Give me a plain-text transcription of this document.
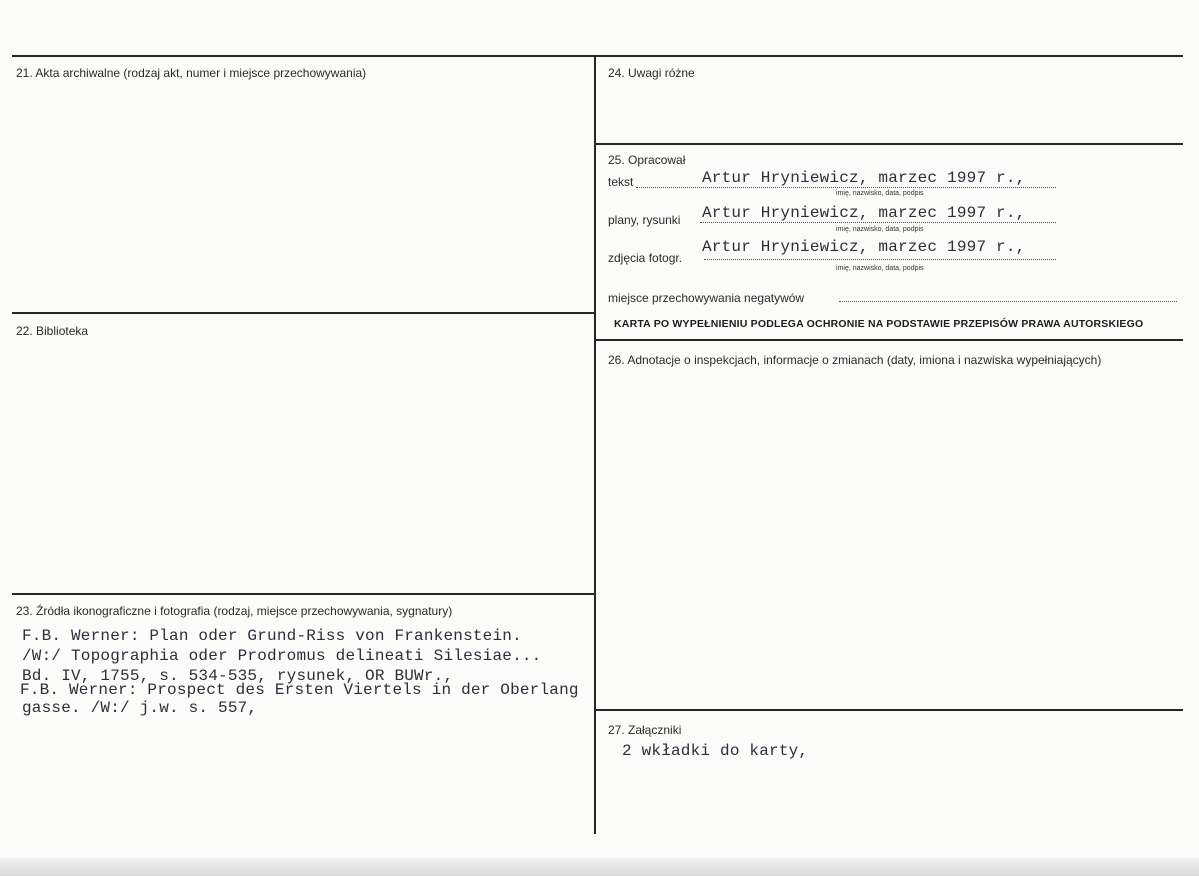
21. Akta archiwalne (rodzaj akt, numer i miejsce przechowywania)
22. Biblioteka
23. Źródła ikonograficzne i fotografia (rodzaj, miejsce przechowywania, sygnatury)
F.B. Werner: Plan oder Grund-Riss von Frankenstein.
/W:/ Topographia oder Prodromus delineati Silesiae...
Bd. IV, 1755, s. 534-535, rysunek, OR BUWr.,
F.B. Werner: Prospect des Ersten Viertels in der Oberlang
gasse. /W:/ j.w. s. 557,
24. Uwagi różne
25. Opracował
tekst	Artur Hryniewicz, marzec 1997 r.,
imię, nazwisko, data, podpis
plany, rysunki Artur Hryniewicz, marzec 1997 r.,
imię, nazwisko, data, podpis
zdjęcia fotogr.
Artur Hryniewicz, marzec 1997 r.,
imię, nazwisko, data, podpis
miejsce przechowywania negatywów
KARTA PO WYPEŁNIENIU PODLEGA OCHRONIE NA PODSTAWIE PRZEPISÓW PRAWA AUTORSKIEGO
26. Adnotacje o inspekcjach, informacje o zmianach (daty, imiona i nazwiska wypełniających)
27. Załączniki
2 wkładki do karty,
